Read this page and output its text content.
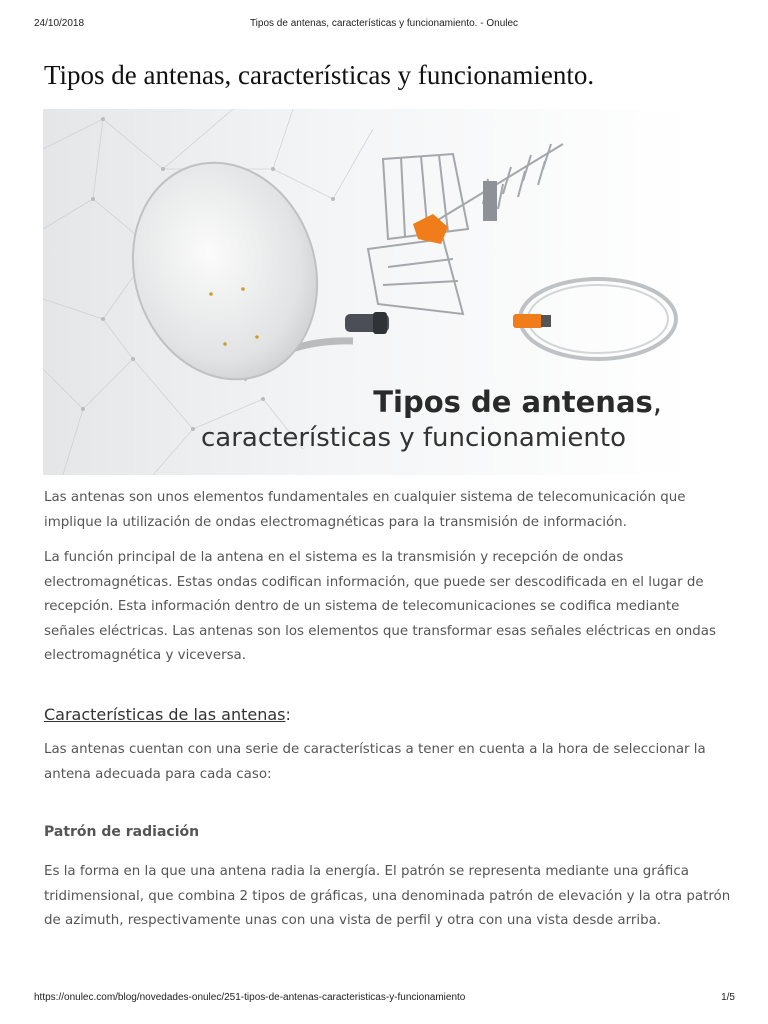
24/10/2018	Tipos de antenas, características y funcionamiento. - Onulec
Tipos de antenas, características y funcionamiento.
Tipos de antenas,
características y funcionamiento

Las antenas son unos elementos fundamentales en cualquier sistema de telecomunicación que implique la utilización de ondas electromagnéticas para la transmisión de información.

La función principal de la antena en el sistema es la transmisión y recepción de ondas electromagnéticas. Estas ondas codifican información, que puede ser descodificada en el lugar de recepción. Esta información dentro de un sistema de telecomunicaciones se codifica mediante señales eléctricas. Las antenas son los elementos que transformar esas señales eléctricas en ondas electromagnética y viceversa.

Características de las antenas:

Las antenas cuentan con una serie de características a tener en cuenta a la hora de seleccionar la antena adecuada para cada caso:

Patrón de radiación

Es la forma en la que una antena radia la energía. El patrón se representa mediante una gráfica tridimensional, que combina 2 tipos de gráficas, una denominada patrón de elevación y la otra patrón de azimuth, respectivamente unas con una vista de perfil y otra con una vista desde arriba.

https://onulec.com/blog/novedades-onulec/251-tipos-de-antenas-caracteristicas-y-funcionamiento	1/5
